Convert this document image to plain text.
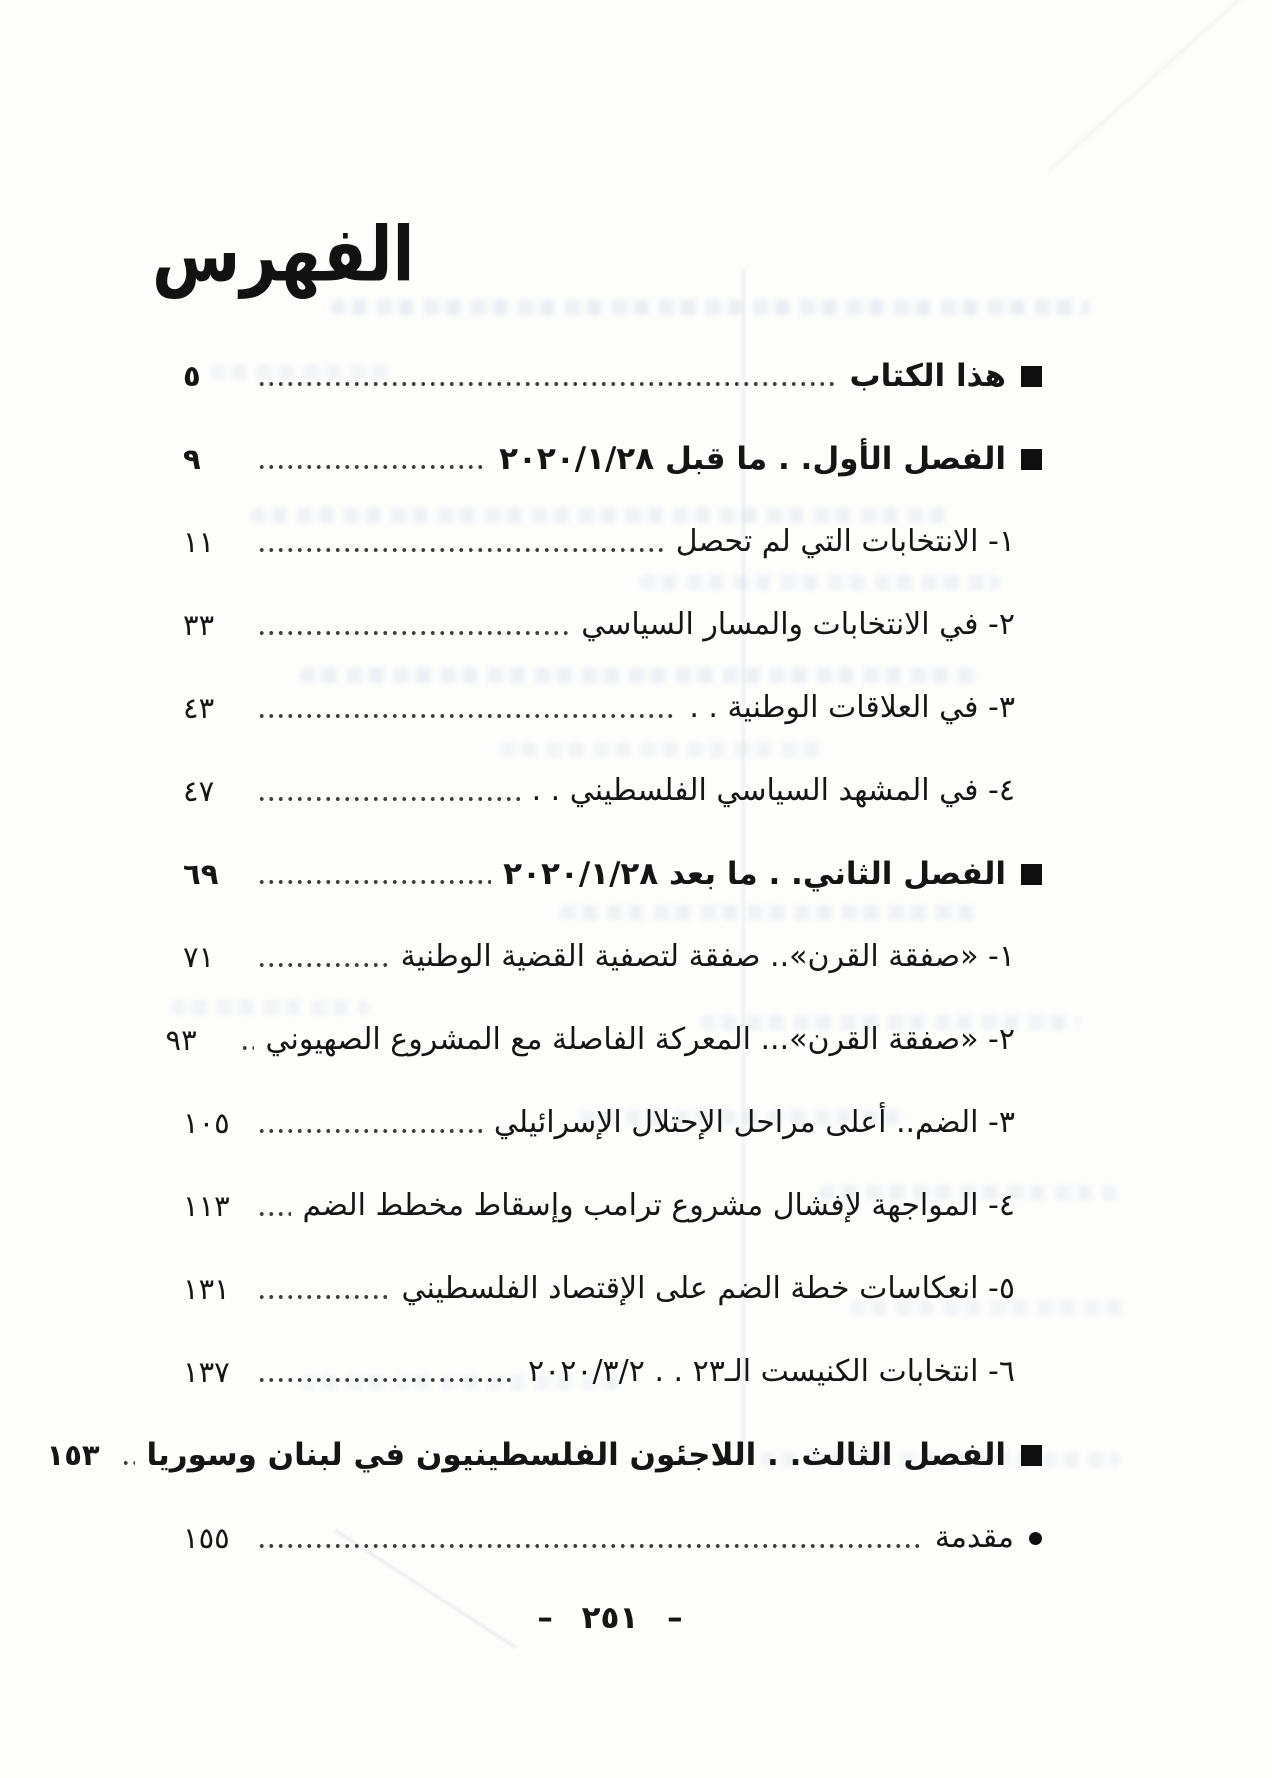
الفهرس
هذا الكتاب
٥
الفصل الأول. . ما قبل ٢٠٢٠/١/٢٨
٩
١- الانتخابات التي لم تحصل
١١
٢- في الانتخابات والمسار السياسي
٣٣
٣- في العلاقات الوطنية . .
٤٣
٤- في المشهد السياسي الفلسطيني . .
٤٧
الفصل الثاني. . ما بعد ٢٠٢٠/١/٢٨
٦٩
١- «صفقة القرن».. صفقة لتصفية القضية الوطنية
٧١
٢- «صفقة القرن»... المعركة الفاصلة مع المشروع الصهيوني
٩٣
٣- الضم.. أعلى مراحل الإحتلال الإسرائيلي
١٠٥
٤- المواجهة لإفشال مشروع ترامب وإسقاط مخطط الضم
١١٣
٥- انعكاسات خطة الضم على الإقتصاد الفلسطيني
١٣١
٦- انتخابات الكنيست الـ٢٣ . . ٢٠٢٠/٣/٢
١٣٧
الفصل الثالث. . اللاجئون الفلسطينيون في لبنان وسوريا
١٥٣
مقدمة
١٥٥
– ٢٥١ –
